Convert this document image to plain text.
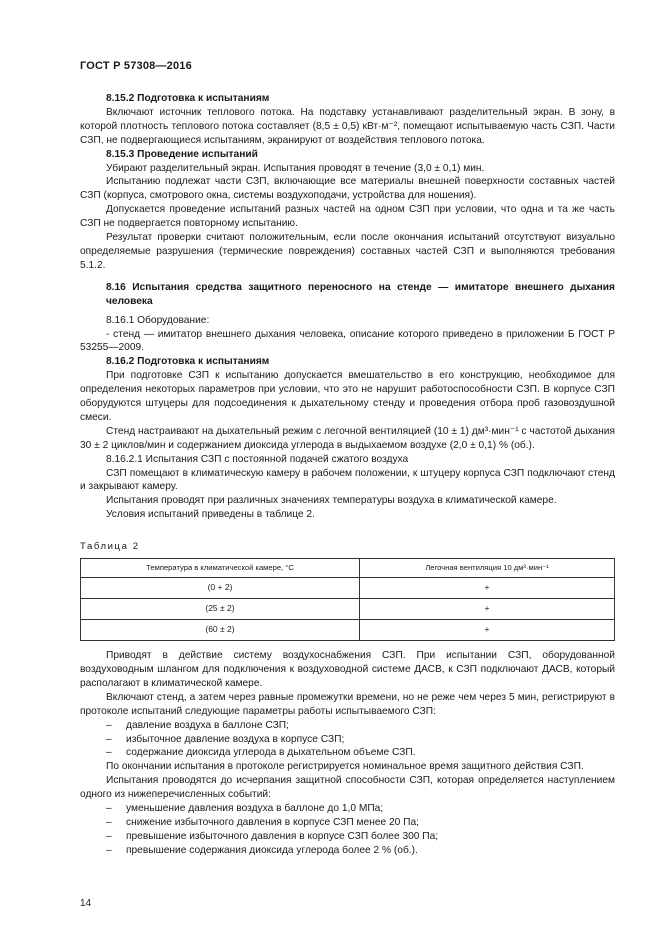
ГОСТ Р 57308—2016

8.15.2 Подготовка к испытаниям

Включают источник теплового потока. На подставку устанавливают разделительный экран. В зону, в которой плотность теплового потока составляет (8,5 ± 0,5) кВт·м⁻², помещают испытываемую часть СЗП. Части СЗП, не подвергающиеся испытаниям, экранируют от воздействия теплового потока.

8.15.3 Проведение испытаний

Убирают разделительный экран. Испытания проводят в течение (3,0 ± 0,1) мин.

Испытанию подлежат части СЗП, включающие все материалы внешней поверхности составных частей СЗП (корпуса, смотрового окна, системы воздухоподачи, устройства для ношения).

Допускается проведение испытаний разных частей на одном СЗП при условии, что одна и та же часть СЗП не подвергается повторному испытанию.

Результат проверки считают положительным, если после окончания испытаний отсутствуют визуально определяемые разрушения (термические повреждения) составных частей СЗП и выполняются требования 5.1.2.

8.16 Испытания средства защитного переносного на стенде — имитаторе внешнего дыхания человека

8.16.1 Оборудование:

- стенд — имитатор внешнего дыхания человека, описание которого приведено в приложении Б ГОСТ Р 53255—2009.

8.16.2 Подготовка к испытаниям

При подготовке СЗП к испытанию допускается вмешательство в его конструкцию, необходимое для определения некоторых параметров при условии, что это не нарушит работоспособности СЗП. В корпусе СЗП оборудуются штуцеры для подсоединения к дыхательному стенду и проведения отбора проб газовоздушной смеси.

Стенд настраивают на дыхательный режим с легочной вентиляцией (10 ± 1) дм³·мин⁻¹ с частотой дыхания 30 ± 2 циклов/мин и содержанием диоксида углерода в выдыхаемом воздухе (2,0 ± 0,1) % (об.).

8.16.2.1 Испытания СЗП с постоянной подачей сжатого воздуха

СЗП помещают в климатическую камеру в рабочем положении, к штуцеру корпуса СЗП подключают стенд и закрывают камеру.

Испытания проводят при различных значениях температуры воздуха в климатической камере.

Условия испытаний приведены в таблице 2.

Таблица 2

Температура в климатической камере, °С	Легочная вентиляция 10 дм³·мин⁻¹
(0 + 2)	+
(25 ± 2)	+
(60 ± 2)	+

Приводят в действие систему воздухоснабжения СЗП. При испытании СЗП, оборудованной воздуховодным шлангом для подключения к воздуховодной системе ДАСВ, к СЗП подключают ДАСВ, который располагают в климатической камере.

Включают стенд, а затем через равные промежутки времени, но не реже чем через 5 мин, регистрируют в протоколе испытаний следующие параметры работы испытываемого СЗП:

– давление воздуха в баллоне СЗП;

– избыточное давление воздуха в корпусе СЗП;

– содержание диоксида углерода в дыхательном объеме СЗП.

По окончании испытания в протоколе регистрируется номинальное время защитного действия СЗП.

Испытания проводятся до исчерпания защитной способности СЗП, которая определяется наступлением одного из нижеперечисленных событий:

– уменьшение давления воздуха в баллоне до 1,0 МПа;

– снижение избыточного давления в корпусе СЗП менее 20 Па;

– превышение избыточного давления в корпусе СЗП более 300 Па;

– превышение содержания диоксида углерода более 2 % (об.).

14
